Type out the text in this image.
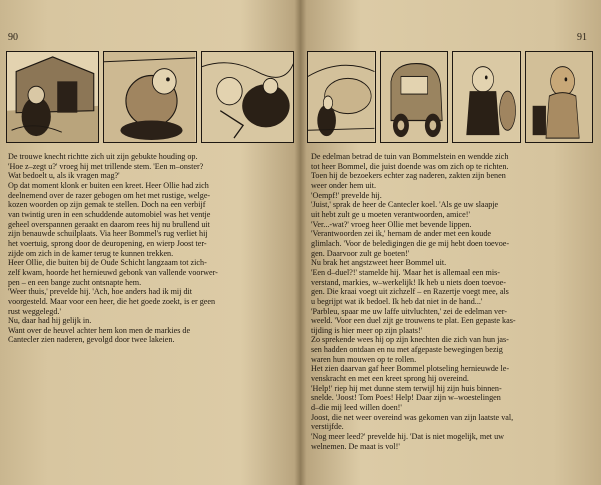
90
De trouwe knecht richtte zich uit zijn gebukte houding op.
'Hoe z–zegt u?' vroeg hij met trillende stem. 'Een m–onster?
Wat bedoelt u, als ik vragen mag?'
Op dat moment klonk er buiten een kreet. Heer Ollie had zich
deelnemend over de razer gebogen om het met rustige, welge-
kozen woorden op zijn gemak te stellen. Doch na een verbijf
van twintig uren in een schuddende automobiel was het ventje
geheel overspannen geraakt en daarom rees hij nu brullend uit
zijn benauwde schuilplaats. Via heer Bommel's rug verliet hij
het voertuig, sprong door de deuropening, en wierp Joost ter-
zijde om zich in de kamer terug te kunnen trekken.
Heer Ollie, die buiten bij de Oude Schicht langzaam tot zich-
zelf kwam, hoorde het hernieuwd gebonk van vallende voorwer-
pen – en een bange zucht ontsnapte hem.
'Weer thuis,' prevelde hij. 'Ach, hoe anders had ik mij dit
voorgesteld. Maar voor een heer, die het goede zoekt, is er geen
rust weggelegd.'
Nu, daar had hij gelijk in.
Want over de heuvel achter hem kon men de markies de
Cantecler zien naderen, gevolgd door twee lakeien.
91
De edelman betrad de tuin van Bommelstein en wendde zich
tot heer Bommel, die juist doende was om zich op te richten.
Toen hij de bezoekers echter zag naderen, zakten zijn benen
weer onder hem uit.
'Oempf!' prevelde hij.
'Juist,' sprak de heer de Cantecler koel. 'Als ge uw slaapje
uit hebt zult ge u moeten verantwoorden, amice!'
'Ver...-wat?' vroeg heer Ollie met bevende lippen.
'Verantwoorden zei ik,' hernam de ander met een koude
glimlach. 'Voor de beledigingen die ge mij hebt doen toevoe-
gen. Daarvoor zult ge boeten!'
Nu brak het angstzweet heer Bommel uit.
'Een d–duel?!' stamelde hij. 'Maar het is allemaal een mis-
verstand, markies, w–werkelijk! Ik heb u niets doen toevoe-
gen. Die kraai voegt uit zichzelf – en Razertje voegt mee, als
u begrijpt wat ik bedoel. Ik heb dat niet in de hand...'
'Parbleu, spaar me uw laffe uitvluchten,' zei de edelman ver-
weeld. 'Voor een duel zijt ge trouwens te plat. Een gepaste kas-
tijding is hier meer op zijn plaats!'
Zo sprekende wees hij op zijn knechten die zich van hun jas-
sen hadden ontdaan en nu met afgepaste bewegingen bezig
waren hun mouwen op te rollen.
Het zien daarvan gaf heer Bommel plotseling hernieuwde le-
venskracht en met een kreet sprong hij overeind.
'Help!' riep hij met dunne stem terwijl hij zijn huis binnen-
snelde. 'Joost! Tom Poes! Help! Daar zijn w–woestelingen
d–die mij leed willen doen!'
Joost, die net weer overeind was gekomen van zijn laatste val,
verstijfde.
'Nog meer leed?' prevelde hij. 'Dat is niet mogelijk, met uw
welnemen. De maat is vol!'
